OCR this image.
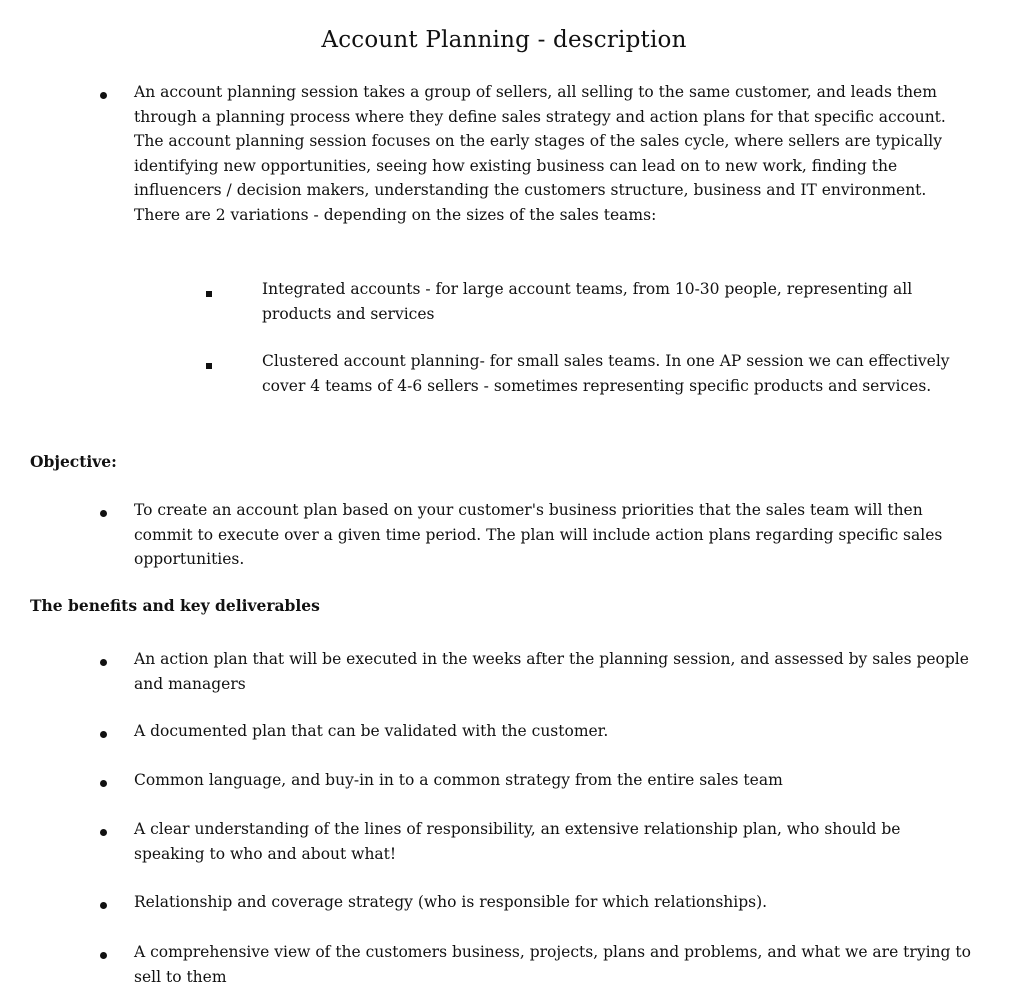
Account Planning - description

An account planning session takes a group of sellers, all selling to the same customer, and leads them through a planning process where they define sales strategy and action plans for that specific account. The account planning session focuses on the early stages of the sales cycle, where sellers are typically identifying new opportunities, seeing how existing business can lead on to new work, finding the influencers / decision makers, understanding the customers structure, business and IT environment. There are 2 variations - depending on the sizes of the sales teams:

Integrated accounts - for large account teams, from 10-30 people, representing all products and services

Clustered account planning- for small sales teams. In one AP session we can effectively cover 4 teams of 4-6 sellers - sometimes representing specific products and services.

Objective:

To create an account plan based on your customer's business priorities that the sales team will then commit to execute over a given time period. The plan will include action plans regarding specific sales opportunities.

The benefits and key deliverables

An action plan that will be executed in the weeks after the planning session, and assessed by sales people and managers

A documented plan that can be validated with the customer.

Common language, and buy-in in to a common strategy from the entire sales team

A clear understanding of the lines of responsibility, an extensive relationship plan, who should be speaking to who and about what!

Relationship and coverage strategy (who is responsible for which relationships).

A comprehensive view of the customers business, projects, plans and problems, and what we are trying to sell to them
